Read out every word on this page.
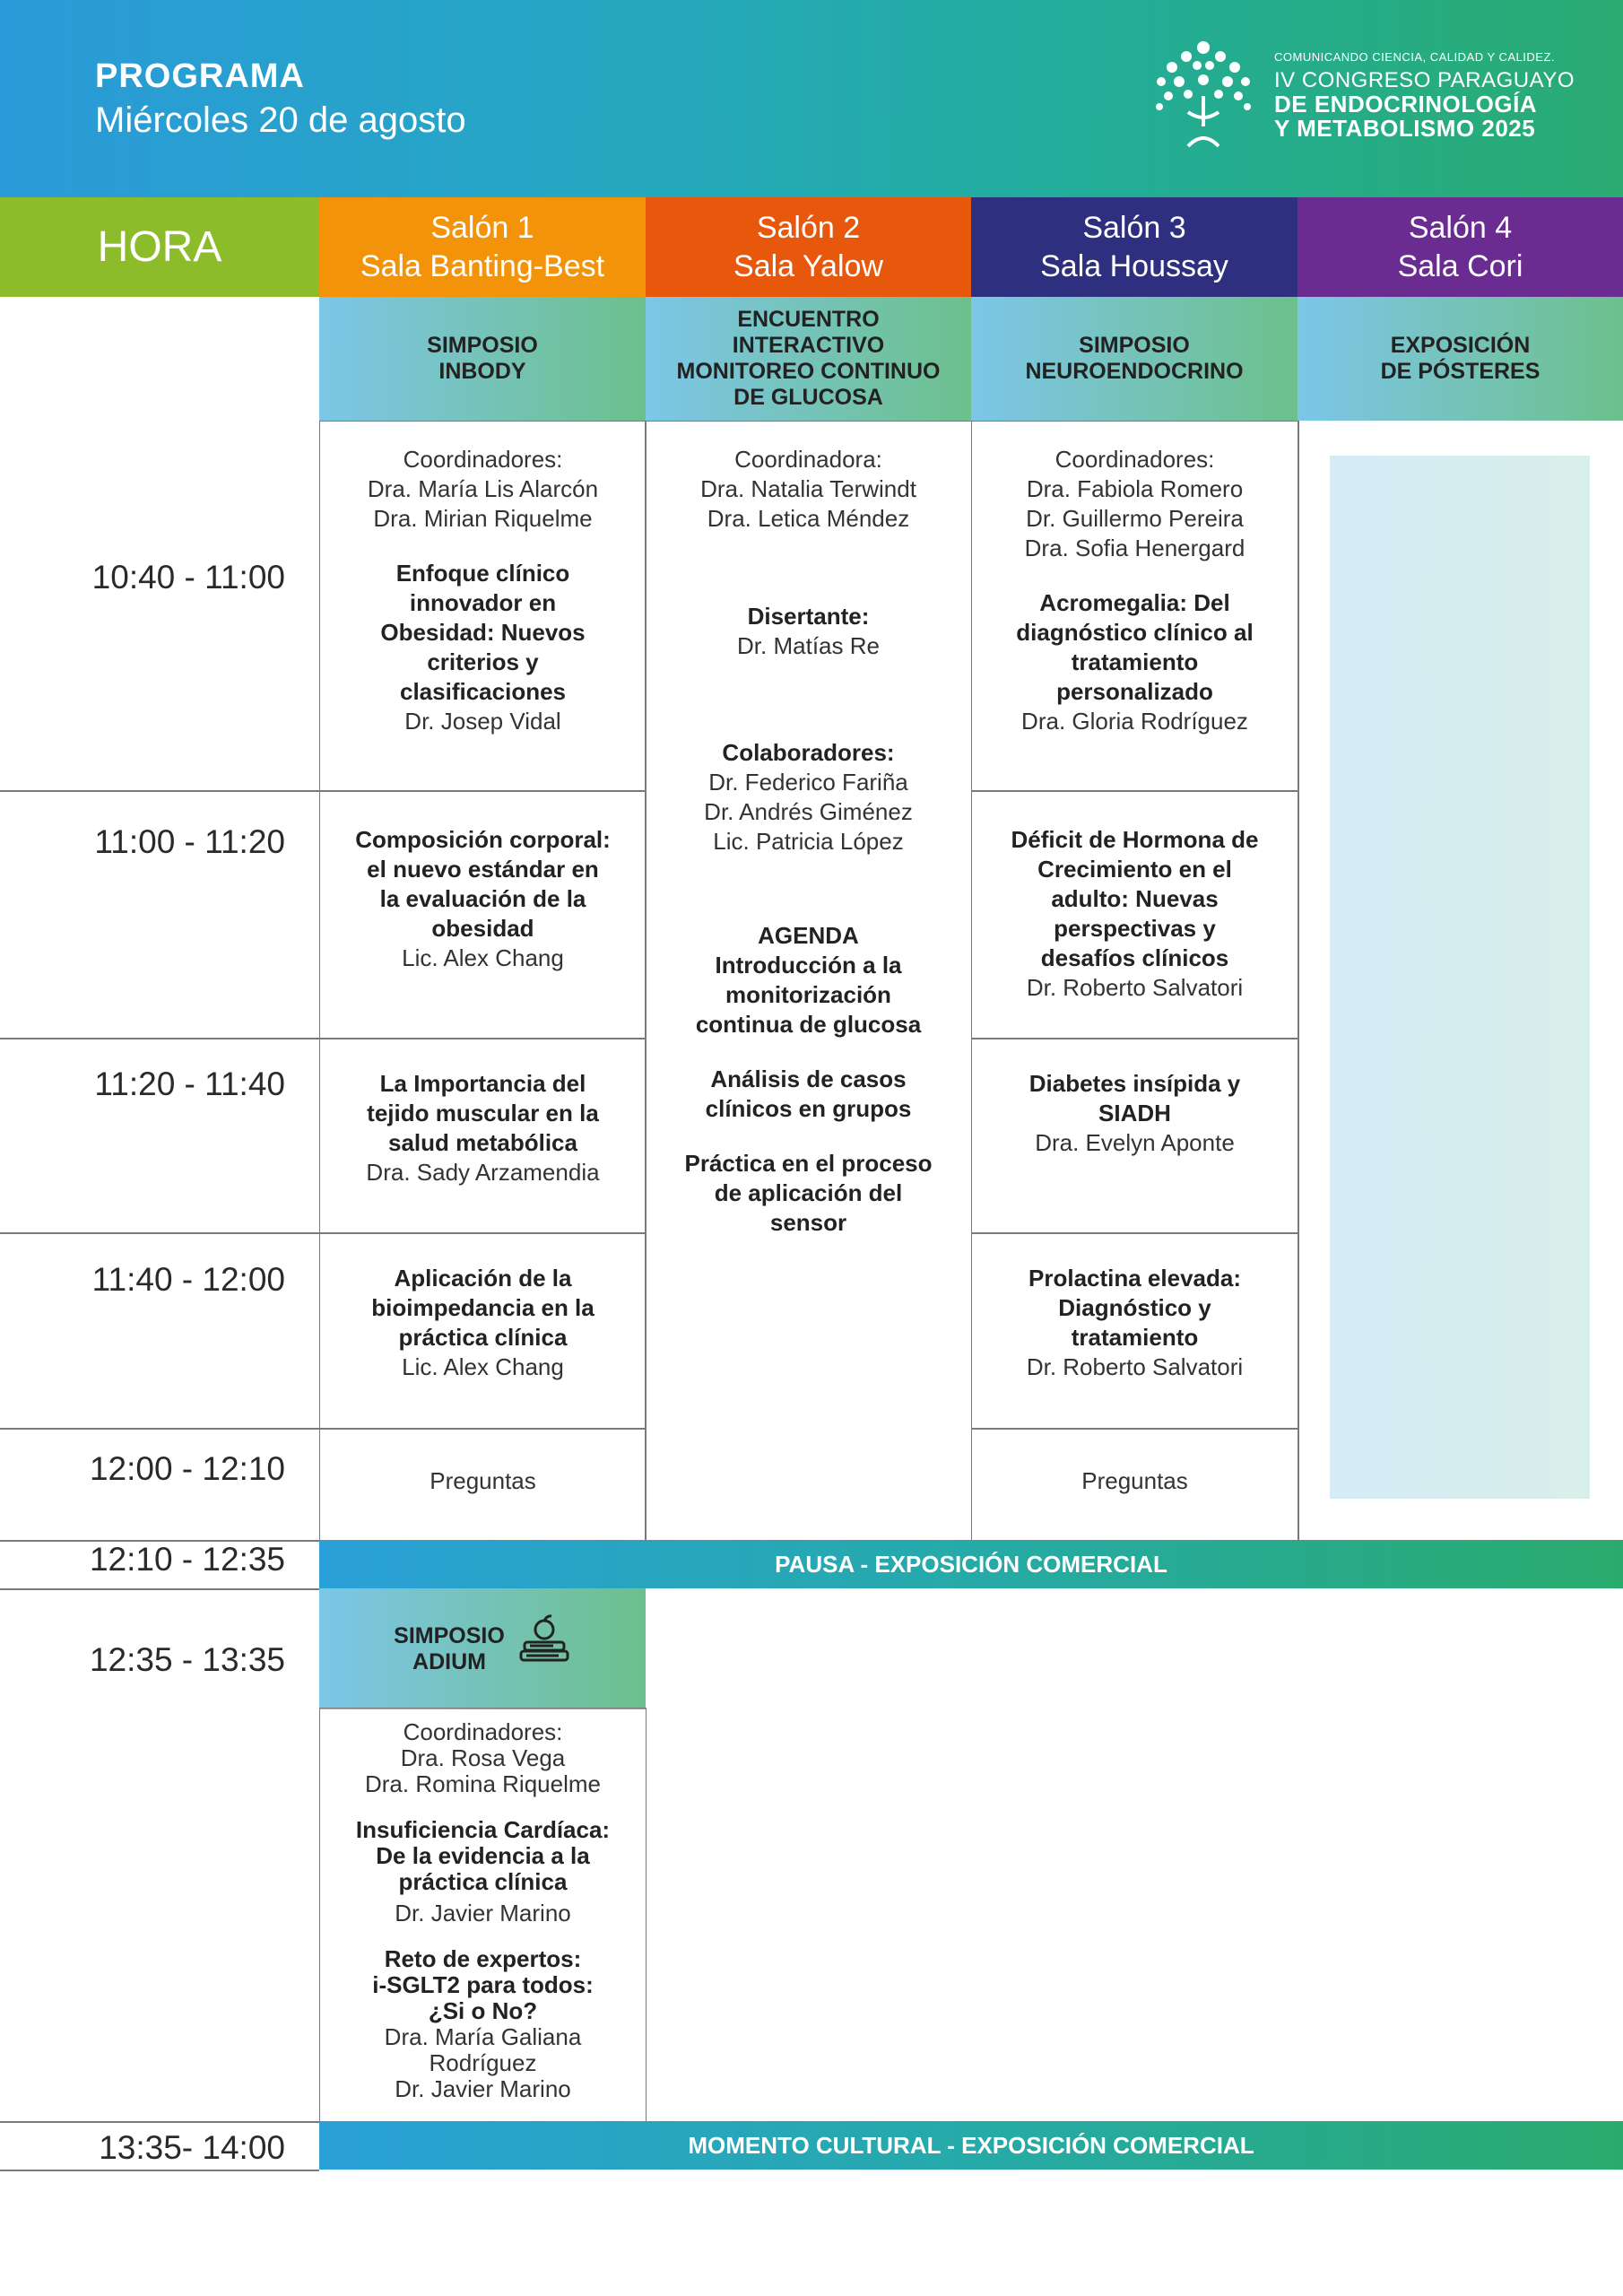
PROGRAMA
Miércoles 20 de agosto
COMUNICANDO CIENCIA, CALIDAD Y CALIDEZ.
IV CONGRESO PARAGUAYO
DE ENDOCRINOLOGÍA
Y METABOLISMO 2025
HORA	Salón 1
Sala Banting-Best
Salón 2
Sala Yalow
Salón 3
Sala Houssay
Salón 4
Sala Cori
SIMPOSIO
INBODY
ENCUENTRO
INTERACTIVO
MONITOREO CONTINUO
DE GLUCOSA
SIMPOSIO
NEUROENDOCRINO
EXPOSICIÓN
DE PÓSTERES
10:40 - 11:00
11:00 - 11:20
11:20 - 11:40
11:40 - 12:00
12:00 - 12:10
12:10 - 12:35
12:35 - 13:35
13:35- 14:00
Coordinadores:
Dra. María Lis Alarcón
Dra. Mirian Riquelme
Enfoque clínico
innovador en
Obesidad: Nuevos
criterios y
clasificaciones
Dr. Josep Vidal
Composición corporal:
el nuevo estándar en
la evaluación de la
obesidad
Lic. Alex Chang
La Importancia del
tejido muscular en la
salud metabólica
Dra. Sady Arzamendia
Aplicación de la
bioimpedancia en la
práctica clínica
Lic. Alex Chang
Preguntas
Coordinadora:
Dra. Natalia Terwindt
Dra. Letica Méndez
Disertante:
Dr. Matías Re
Colaboradores:
Dr. Federico Fariña
Dr. Andrés Giménez
Lic. Patricia López
AGENDA
Introducción a la
monitorización
continua de glucosa
Análisis de casos
clínicos en grupos
Práctica en el proceso
de aplicación del
sensor
Coordinadores:
Dra. Fabiola Romero
Dr. Guillermo Pereira
Dra. Sofia Henergard
Acromegalia: Del
diagnóstico clínico al
tratamiento
personalizado
Dra. Gloria Rodríguez
Déficit de Hormona de
Crecimiento en el
adulto: Nuevas
perspectivas y
desafíos clínicos
Dr. Roberto Salvatori
Diabetes insípida y
SIADH
Dra. Evelyn Aponte
Prolactina elevada:
Diagnóstico y
tratamiento
Dr. Roberto Salvatori
Preguntas
PAUSA - EXPOSICIÓN COMERCIAL
SIMPOSIO
ADIUM
Coordinadores:
Dra. Rosa Vega
Dra. Romina Riquelme
Insuficiencia Cardíaca:
De la evidencia a la
práctica clínica
Dr. Javier Marino
Reto de expertos:
i-SGLT2 para todos:
¿Si o No?
Dra. María Galiana
Rodríguez
Dr. Javier Marino
MOMENTO CULTURAL - EXPOSICIÓN COMERCIAL
